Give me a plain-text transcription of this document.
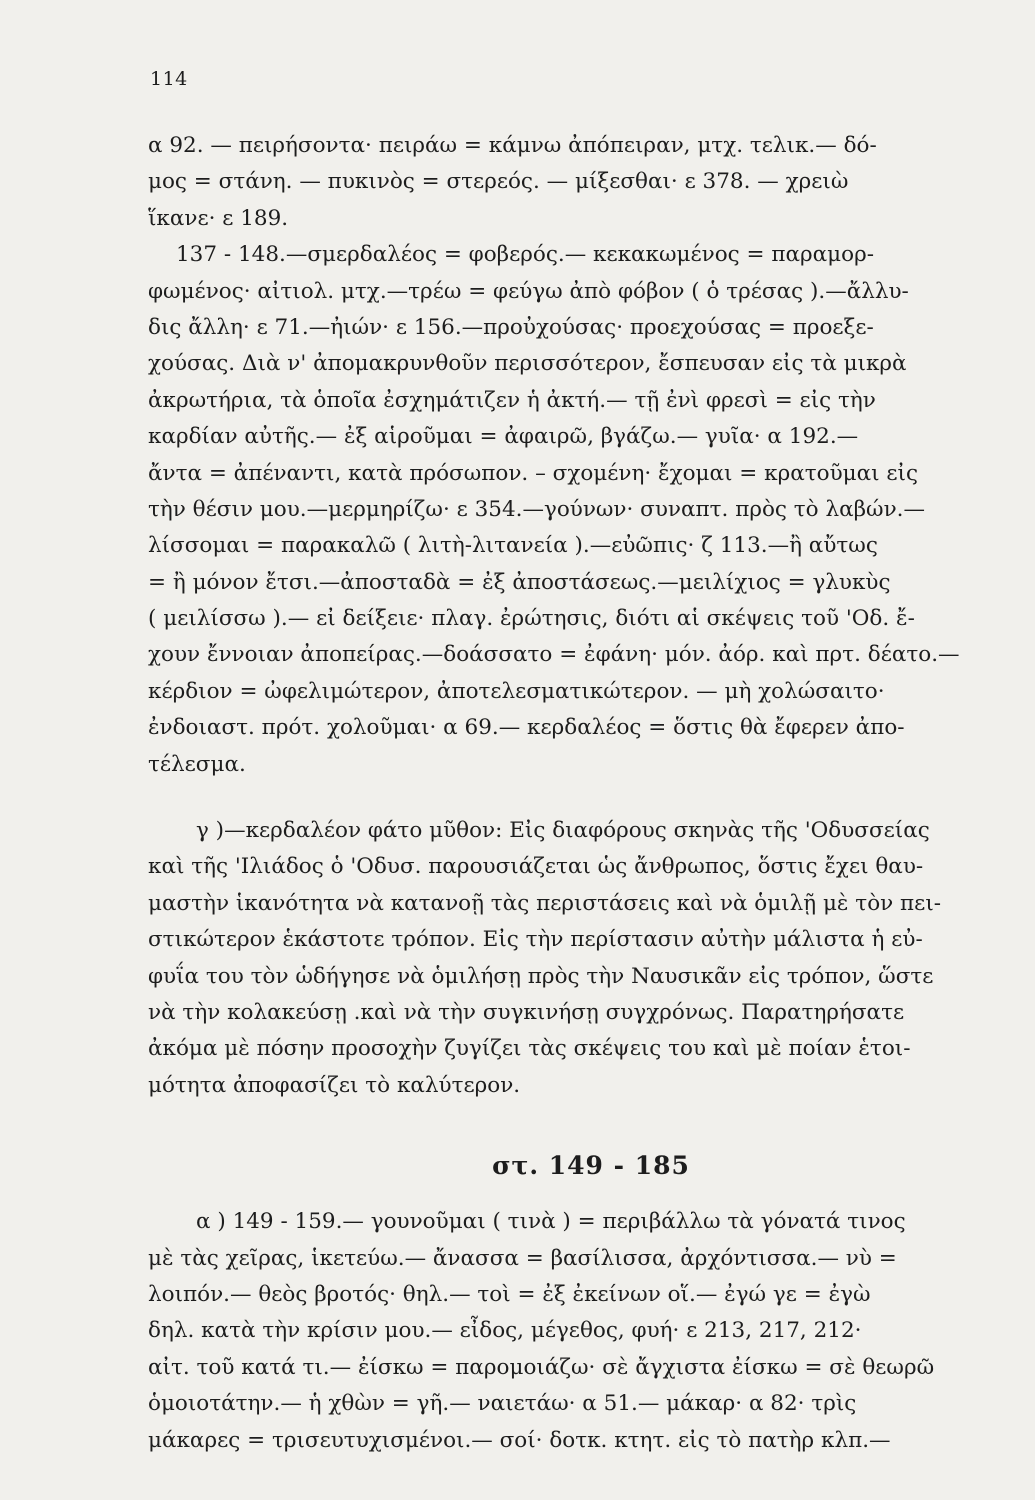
114
α 92. — πειρήσοντα· πειράω = κάμνω ἀπόπειραν, μτχ. τελικ.— δό-
μος = στάνη. — πυκινὸς = στερεός. — μίξεσθαι· ε 378. — χρειὼ
ἵκανε· ε 189.
137 - 148.—σμερδαλέος = φοβερός.— κεκακωμένος = παραμορ-
φωμένος· αἰτιολ. μτχ.—τρέω = φεύγω ἀπὸ φόβον ( ὁ τρέσας ).—ἄλλυ-
δις ἄλλη· ε 71.—ἠιών· ε 156.—προὐχούσας· προεχούσας = προεξε-
χούσας. Διὰ ν' ἀπομακρυνθοῦν περισσότερον, ἔσπευσαν εἰς τὰ μικρὰ
ἀκρωτήρια, τὰ ὁποῖα ἐσχημάτιζεν ἡ ἀκτή.— τῇ ἐνὶ φρεσὶ = εἰς τὴν
καρδίαν αὐτῆς.— ἐξ αἱροῦμαι = ἀφαιρῶ, βγάζω.— γυῖα· α 192.—
ἄντα = ἀπέναντι, κατὰ πρόσωπον. – σχομένη· ἔχομαι = κρατοῦμαι εἰς
τὴν θέσιν μου.—μερμηρίζω· ε 354.—γούνων· συναπτ. πρὸς τὸ λαβών.—
λίσσομαι = παρακαλῶ ( λιτὴ-λιτανεία ).—εὐῶπις· ζ 113.—ἢ αὔτως
= ἢ μόνον ἔτσι.—ἀποσταδὰ = ἐξ ἀποστάσεως.—μειλίχιος = γλυκὺς
( μειλίσσω ).— εἰ δείξειε· πλαγ. ἐρώτησις, διότι αἱ σκέψεις τοῦ 'Οδ. ἔ-
χουν ἔννοιαν ἀποπείρας.—δοάσσατο = ἐφάνη· μόν. ἀόρ. καὶ πρτ. δέατο.—
κέρδιον = ὠφελιμώτερον, ἀποτελεσματικώτερον. — μὴ χολώσαιτο·
ἐνδοιαστ. πρότ. χολοῦμαι· α 69.— κερδαλέος = ὅστις θὰ ἔφερεν ἀπο-
τέλεσμα.
γ )—κερδαλέον φάτο μῦθον: Εἰς διαφόρους σκηνὰς τῆς 'Οδυσσείας
καὶ τῆς 'Ιλιάδος ὁ 'Οδυσ. παρουσιάζεται ὡς ἄνθρωπος, ὅστις ἔχει θαυ-
μαστὴν ἱκανότητα νὰ κατανοῇ τὰς περιστάσεις καὶ νὰ ὁμιλῇ μὲ τὸν πει-
στικώτερον ἑκάστοτε τρόπον. Εἰς τὴν περίστασιν αὐτὴν μάλιστα ἡ εὐ-
φυΐα του τὸν ὡδήγησε νὰ ὁμιλήσῃ πρὸς τὴν Ναυσικᾶν εἰς τρόπον, ὥστε
νὰ τὴν κολακεύσῃ .καὶ νὰ τὴν συγκινήσῃ συγχρόνως. Παρατηρήσατε
ἀκόμα μὲ πόσην προσοχὴν ζυγίζει τὰς σκέψεις του καὶ μὲ ποίαν ἑτοι-
μότητα ἀποφασίζει τὸ καλύτερον.
στ. 149 - 185
α ) 149 - 159.— γουνοῦμαι ( τινὰ ) = περιβάλλω τὰ γόνατά τινος
μὲ τὰς χεῖρας, ἱκετεύω.— ἄνασσα = βασίλισσα, ἀρχόντισσα.— νὺ =
λοιπόν.— θεὸς βροτός· θηλ.— τοὶ = ἐξ ἐκείνων οἵ.— ἐγώ γε = ἐγὼ
δηλ. κατὰ τὴν κρίσιν μου.— εἶδος, μέγεθος, φυή· ε 213, 217, 212·
αἰτ. τοῦ κατά τι.— ἐίσκω = παρομοιάζω· σὲ ἄγχιστα ἐίσκω = σὲ θεωρῶ
ὁμοιοτάτην.— ἡ χθὼν = γῆ.— ναιετάω· α 51.— μάκαρ· α 82· τρὶς
μάκαρες = τρισευτυχισμένοι.— σοί· δοτκ. κτητ. εἰς τὸ πατὴρ κλπ.—
